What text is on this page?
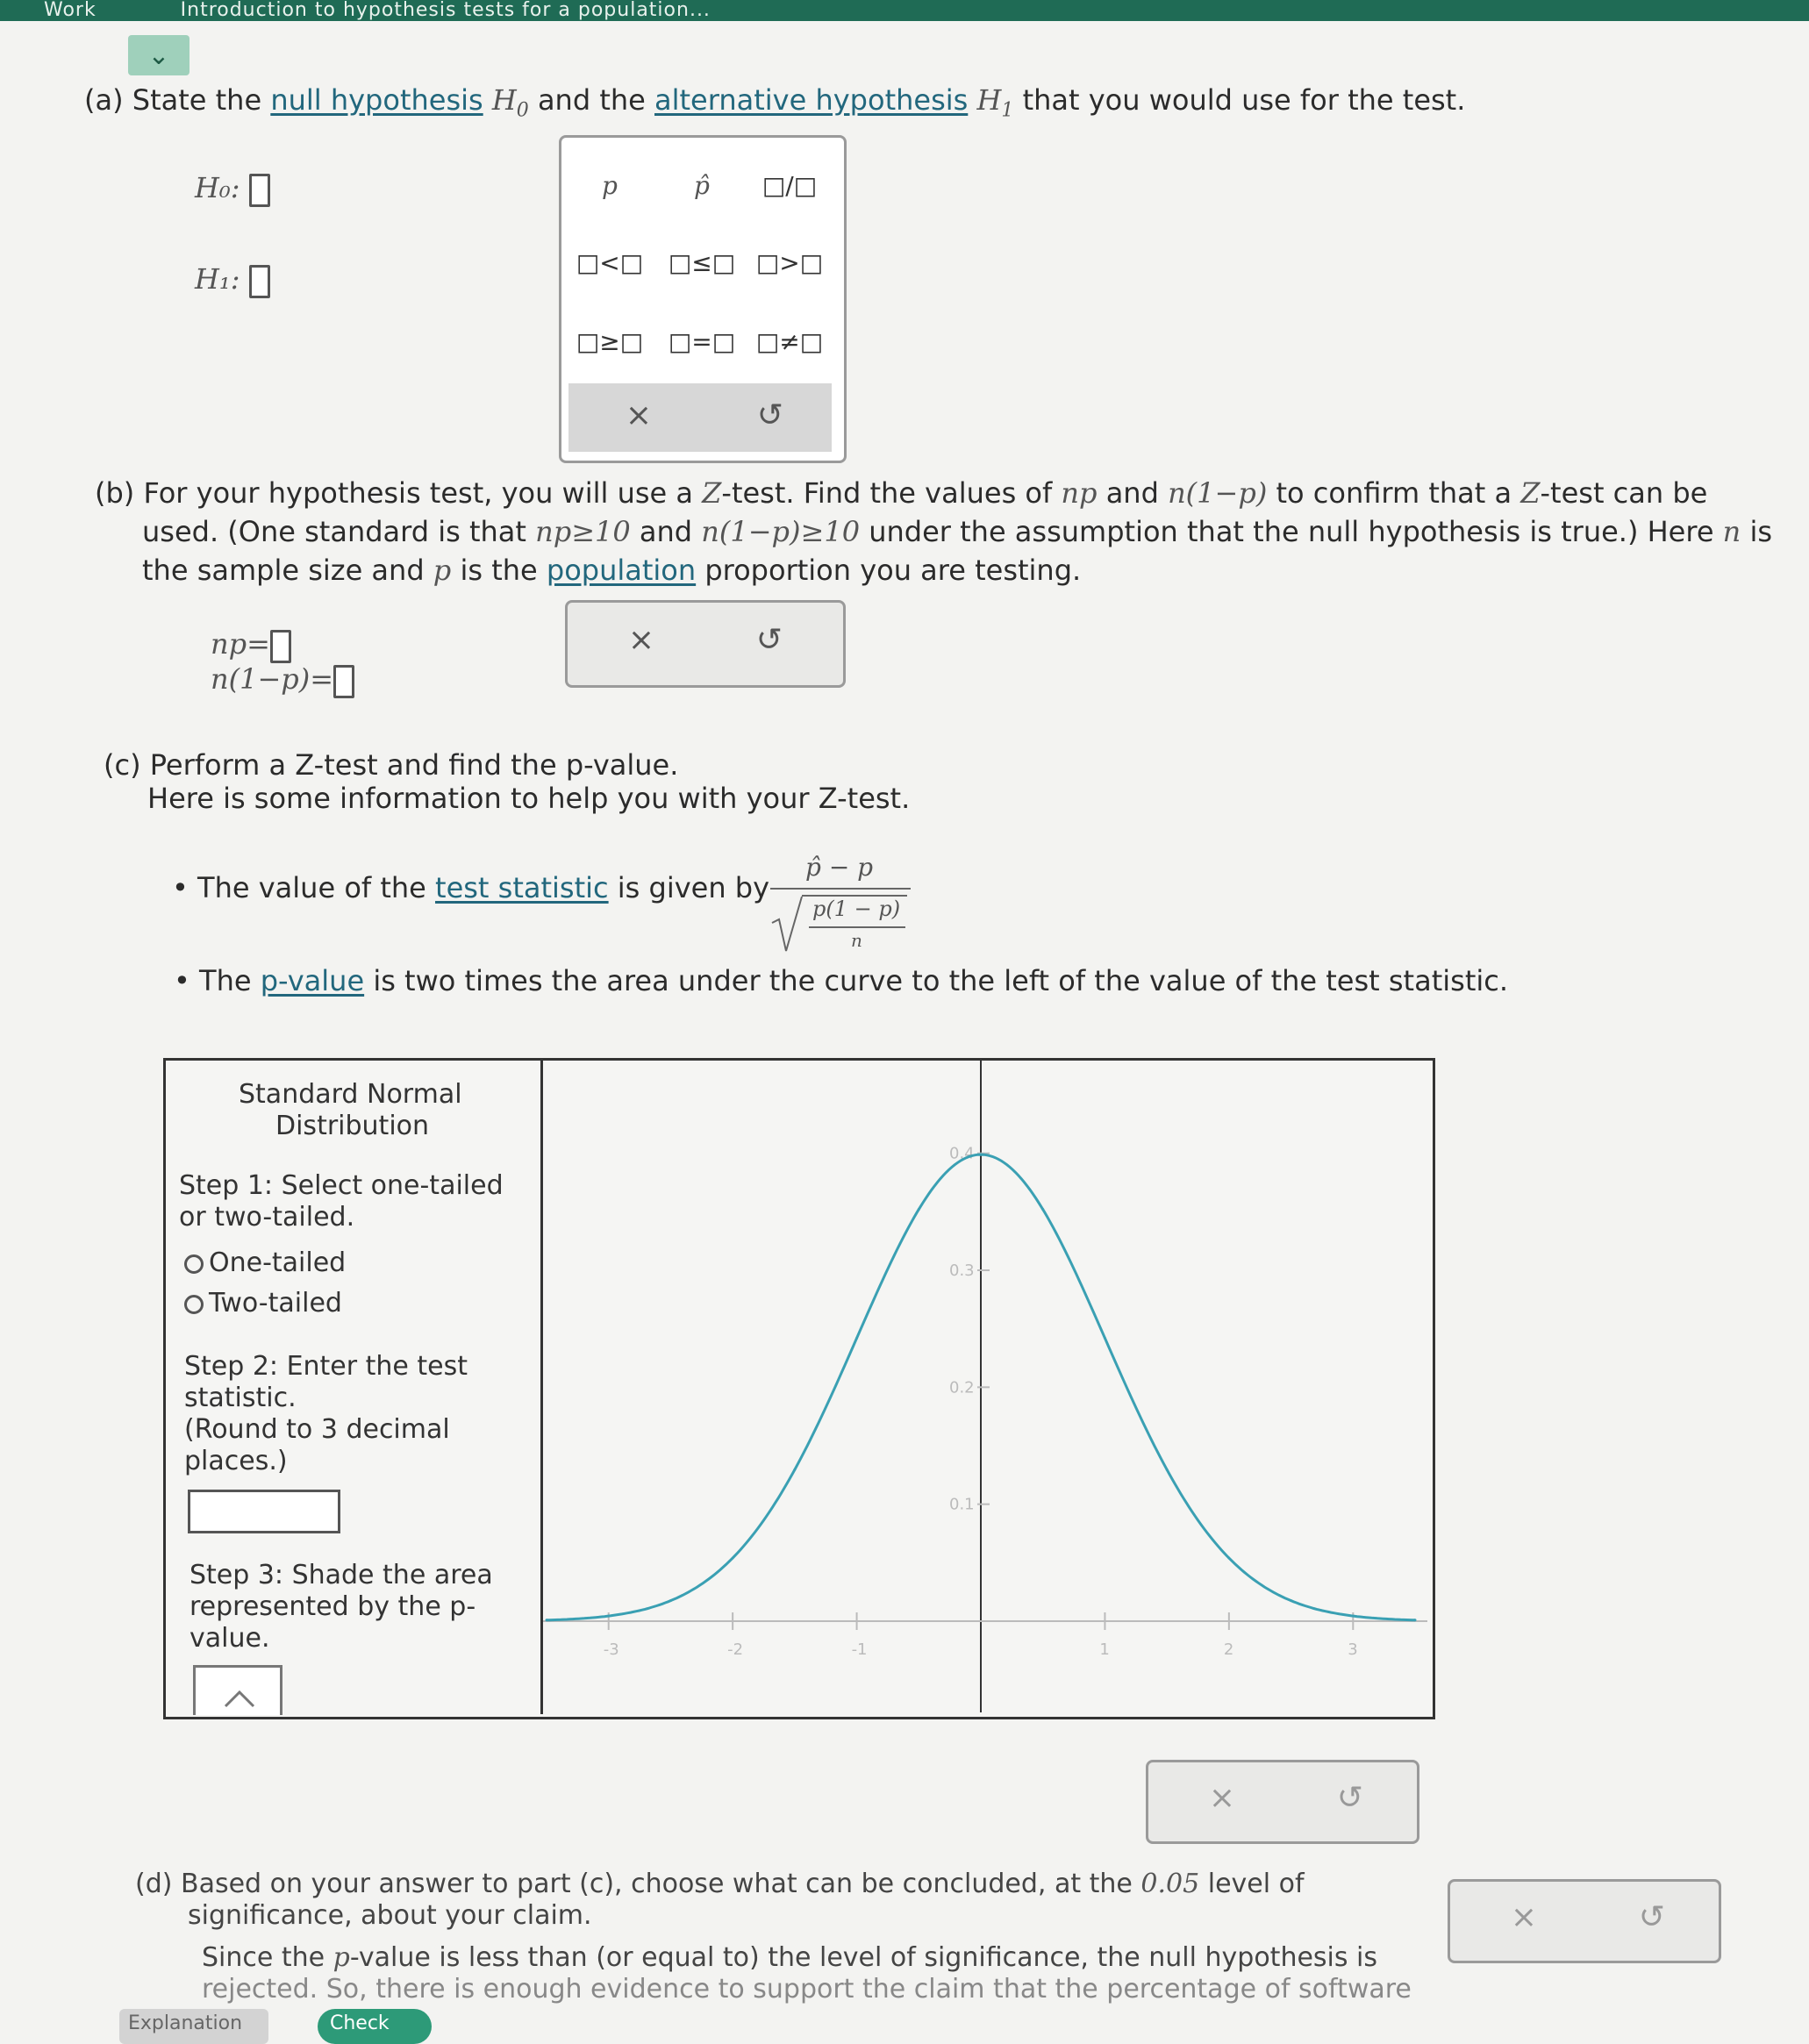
Work	Introduction to hypothesis tests for a population...
⌄
(a) State the null hypothesis $H_0$ and the alternative hypothesis $H_1$ that you would use for the test.
H₀:
H₁:
p	p̂	□/□
□<□	□≤□ □>□
□≥□	□=□ □≠□
×	↺
(b) For your hypothesis test, you will use a Z-test. Find the values of np and n(1−p) to confirm that a Z-test can be
used. (One standard is that np≥10 and n(1−p)≥10 under the assumption that the null hypothesis is true.) Here n is
the sample size and p is the population proportion you are testing.
np=
n(1−p)=
×	↺
(c) Perform a Z-test and find the p-value.
Here is some information to help you with your Z-test.
• The value of the test statistic is given by
p̂ − p
p(1 − p)
n
• The p-value is two times the area under the curve to the left of the value of the test statistic.
Standard Normal
Distribution
Step 1: Select one-tailed
or two-tailed.
One-tailed
Two-tailed
Step 2: Enter the test
statistic.
(Round to 3 decimal
places.)
Step 3: Shade the area
represented by the p-
value.
0.1
0.2
0.3
0.4
-3	-2	-1	1	2	3
×	↺
(d) Based on your answer to part (c), choose what can be concluded, at the 0.05 level of
significance, about your claim.
Since the p-value is less than (or equal to) the level of significance, the null hypothesis is
rejected. So, there is enough evidence to support the claim that the percentage of software
×	↺
Explanation	Check
